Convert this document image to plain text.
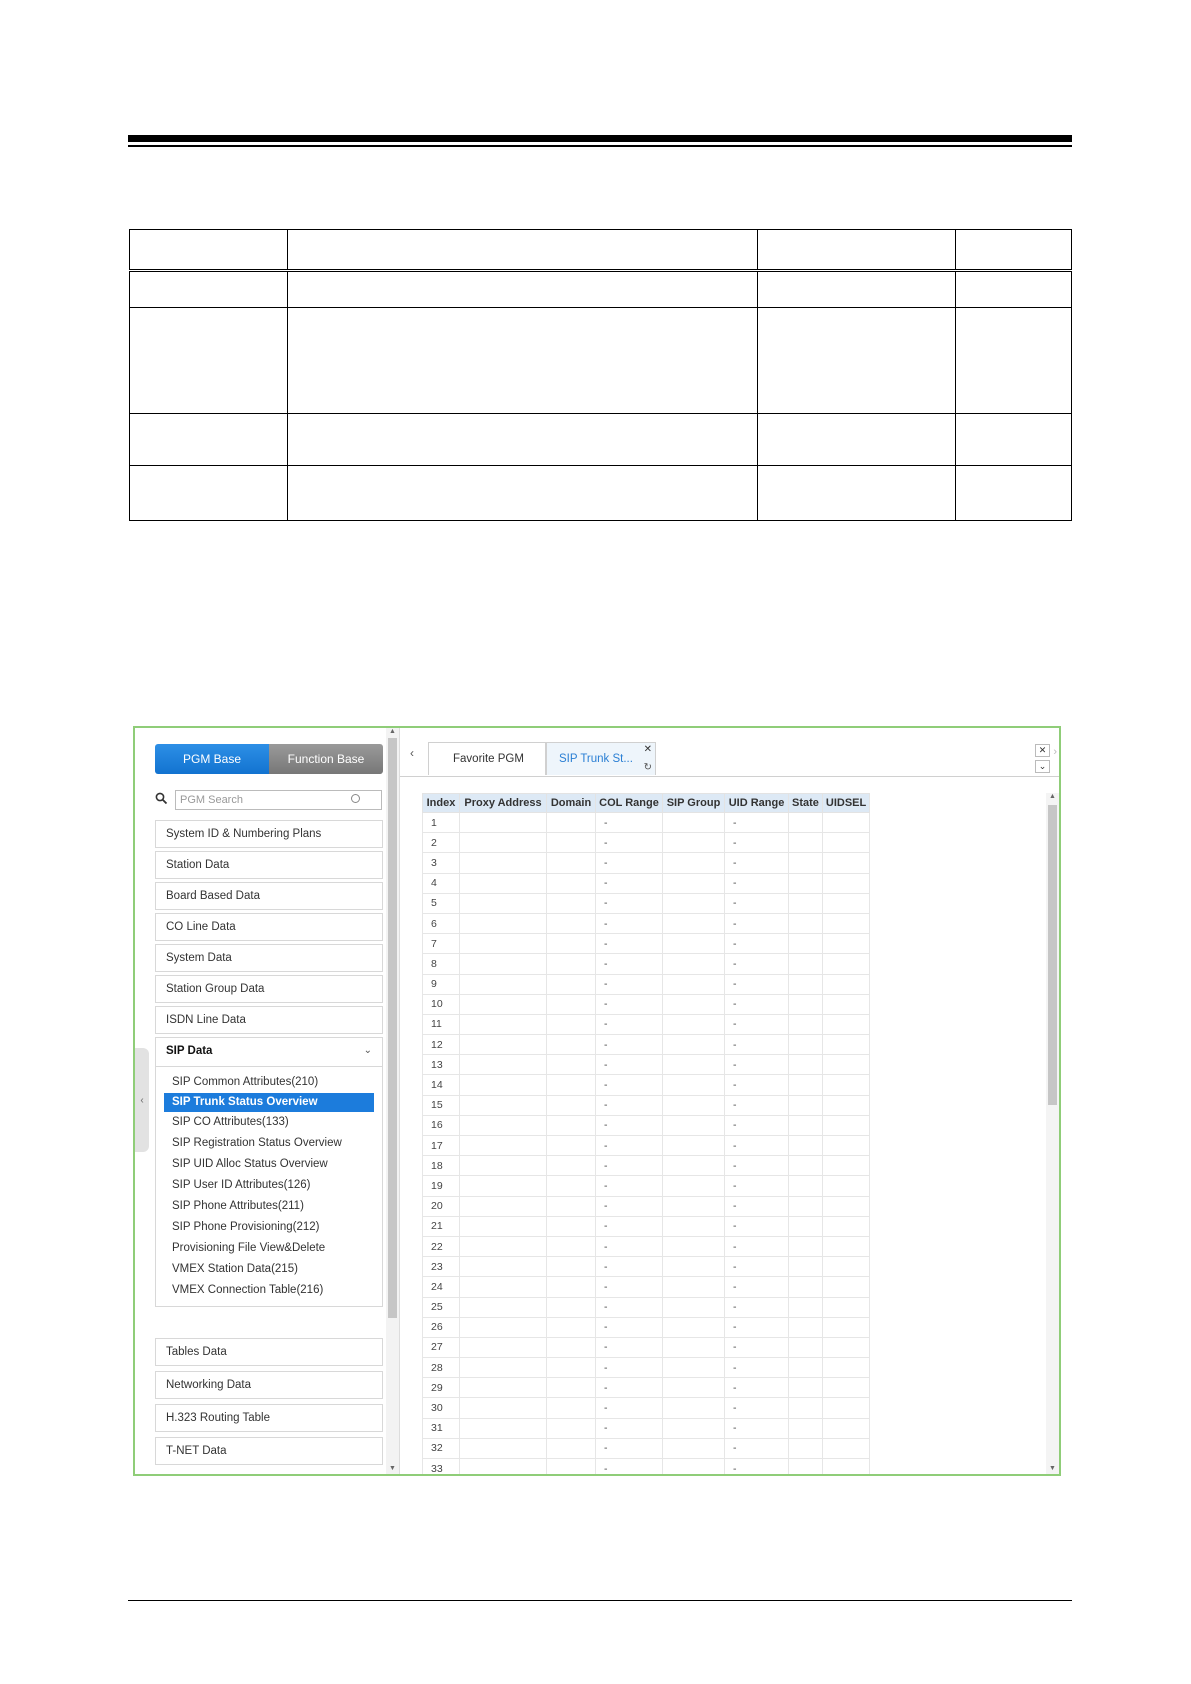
PGM Base	Function Base
PGM Search
System ID & Numbering Plans
Station Data
Board Based Data
CO Line Data
System Data
Station Group Data
ISDN Line Data
SIP Data	⌄
SIP Common Attributes(210)
SIP Trunk Status Overview
SIP CO Attributes(133)
SIP Registration Status Overview
SIP UID Alloc Status Overview
SIP User ID Attributes(126)
SIP Phone Attributes(211)
SIP Phone Provisioning(212)
Provisioning File View&Delete
VMEX Station Data(215)
VMEX Connection Table(216)
Tables Data
Networking Data
H.323 Routing Table
T-NET Data
‹
▲
▼
‹	Favorite PGM	SIP Trunk St...
✕
↻
✕
⌄
›
Index	Proxy Address	Domain	COL Range	SIP Group	UID Range	State	UIDSEL
1			-		-		
2			-		-		
3			-		-		
4			-		-		
5			-		-		
6			-		-		
7			-		-		
8			-		-		
9			-		-		
10			-		-		
11			-		-		
12			-		-		
13			-		-		
14			-		-		
15			-		-		
16			-		-		
17			-		-		
18			-		-		
19			-		-		
20			-		-		
21			-		-		
22			-		-		
23			-		-		
24			-		-		
25			-		-		
26			-		-		
27			-		-		
28			-		-		
29			-		-		
30			-		-		
31			-		-		
32			-		-		
33			-		-		
▲
▼
